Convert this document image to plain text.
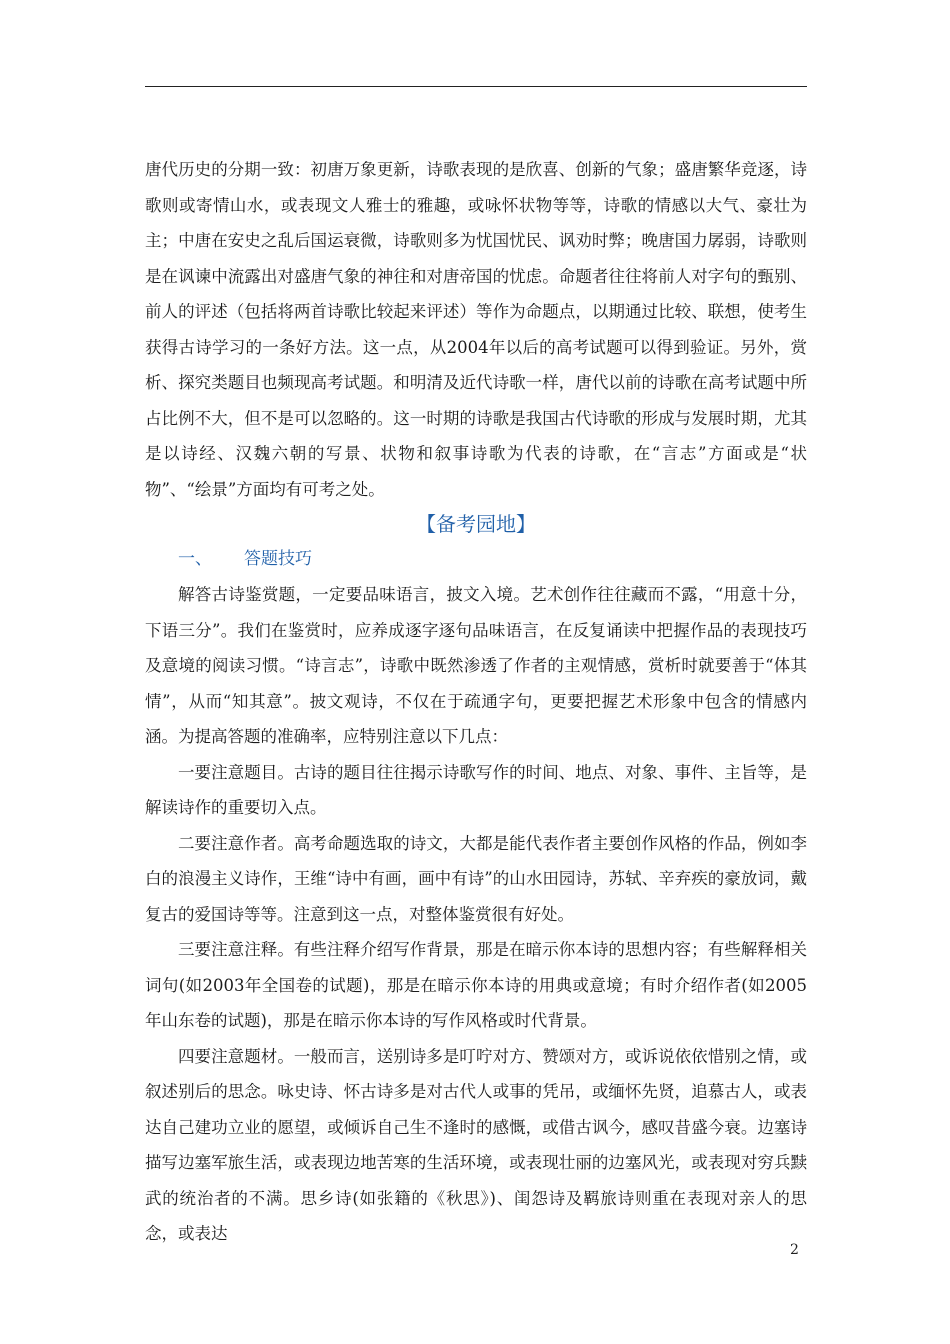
唐代历史的分期一致：初唐万象更新，诗歌表现的是欣喜、创新的气象；盛唐繁华竞逐，诗歌则或寄情山水，或表现文人雅士的雅趣，或咏怀状物等等，诗歌的情感以大气、豪壮为主；中唐在安史之乱后国运衰微，诗歌则多为忧国忧民、讽劝时弊；晚唐国力孱弱，诗歌则是在讽谏中流露出对盛唐气象的神往和对唐帝国的忧虑。命题者往往将前人对字句的甄别、前人的评述（包括将两首诗歌比较起来评述）等作为命题点，以期通过比较、联想，使考生获得古诗学习的一条好方法。这一点，从2004年以后的高考试题可以得到验证。另外，赏析、探究类题目也频现高考试题。和明清及近代诗歌一样，唐代以前的诗歌在高考试题中所占比例不大，但不是可以忽略的。这一时期的诗歌是我国古代诗歌的形成与发展时期，尤其是以诗经、汉魏六朝的写景、状物和叙事诗歌为代表的诗歌，在“言志”方面或是“状物”、“绘景”方面均有可考之处。

【备考园地】

一、 答题技巧

解答古诗鉴赏题，一定要品味语言，披文入境。艺术创作往往藏而不露，“用意十分，下语三分”。我们在鉴赏时，应养成逐字逐句品味语言，在反复诵读中把握作品的表现技巧及意境的阅读习惯。“诗言志”，诗歌中既然渗透了作者的主观情感，赏析时就要善于“体其情”，从而“知其意”。披文观诗，不仅在于疏通字句，更要把握艺术形象中包含的情感内涵。为提高答题的准确率，应特别注意以下几点：

一要注意题目。古诗的题目往往揭示诗歌写作的时间、地点、对象、事件、主旨等，是解读诗作的重要切入点。

二要注意作者。高考命题选取的诗文，大都是能代表作者主要创作风格的作品，例如李白的浪漫主义诗作，王维“诗中有画，画中有诗”的山水田园诗，苏轼、辛弃疾的豪放词，戴复古的爱国诗等等。注意到这一点，对整体鉴赏很有好处。

三要注意注释。有些注释介绍写作背景，那是在暗示你本诗的思想内容；有些解释相关词句(如2003年全国卷的试题)，那是在暗示你本诗的用典或意境；有时介绍作者(如2005年山东卷的试题)，那是在暗示你本诗的写作风格或时代背景。

四要注意题材。一般而言，送别诗多是叮咛对方、赞颂对方，或诉说依依惜别之情，或叙述别后的思念。咏史诗、怀古诗多是对古代人或事的凭吊，或缅怀先贤，追慕古人，或表达自己建功立业的愿望，或倾诉自己生不逢时的感慨，或借古讽今，感叹昔盛今衰。边塞诗描写边塞军旅生活，或表现边地苦寒的生活环境，或表现壮丽的边塞风光，或表现对穷兵黩武的统治者的不满。思乡诗(如张籍的《秋思》)、闺怨诗及羁旅诗则重在表现对亲人的思念，或表达

2
